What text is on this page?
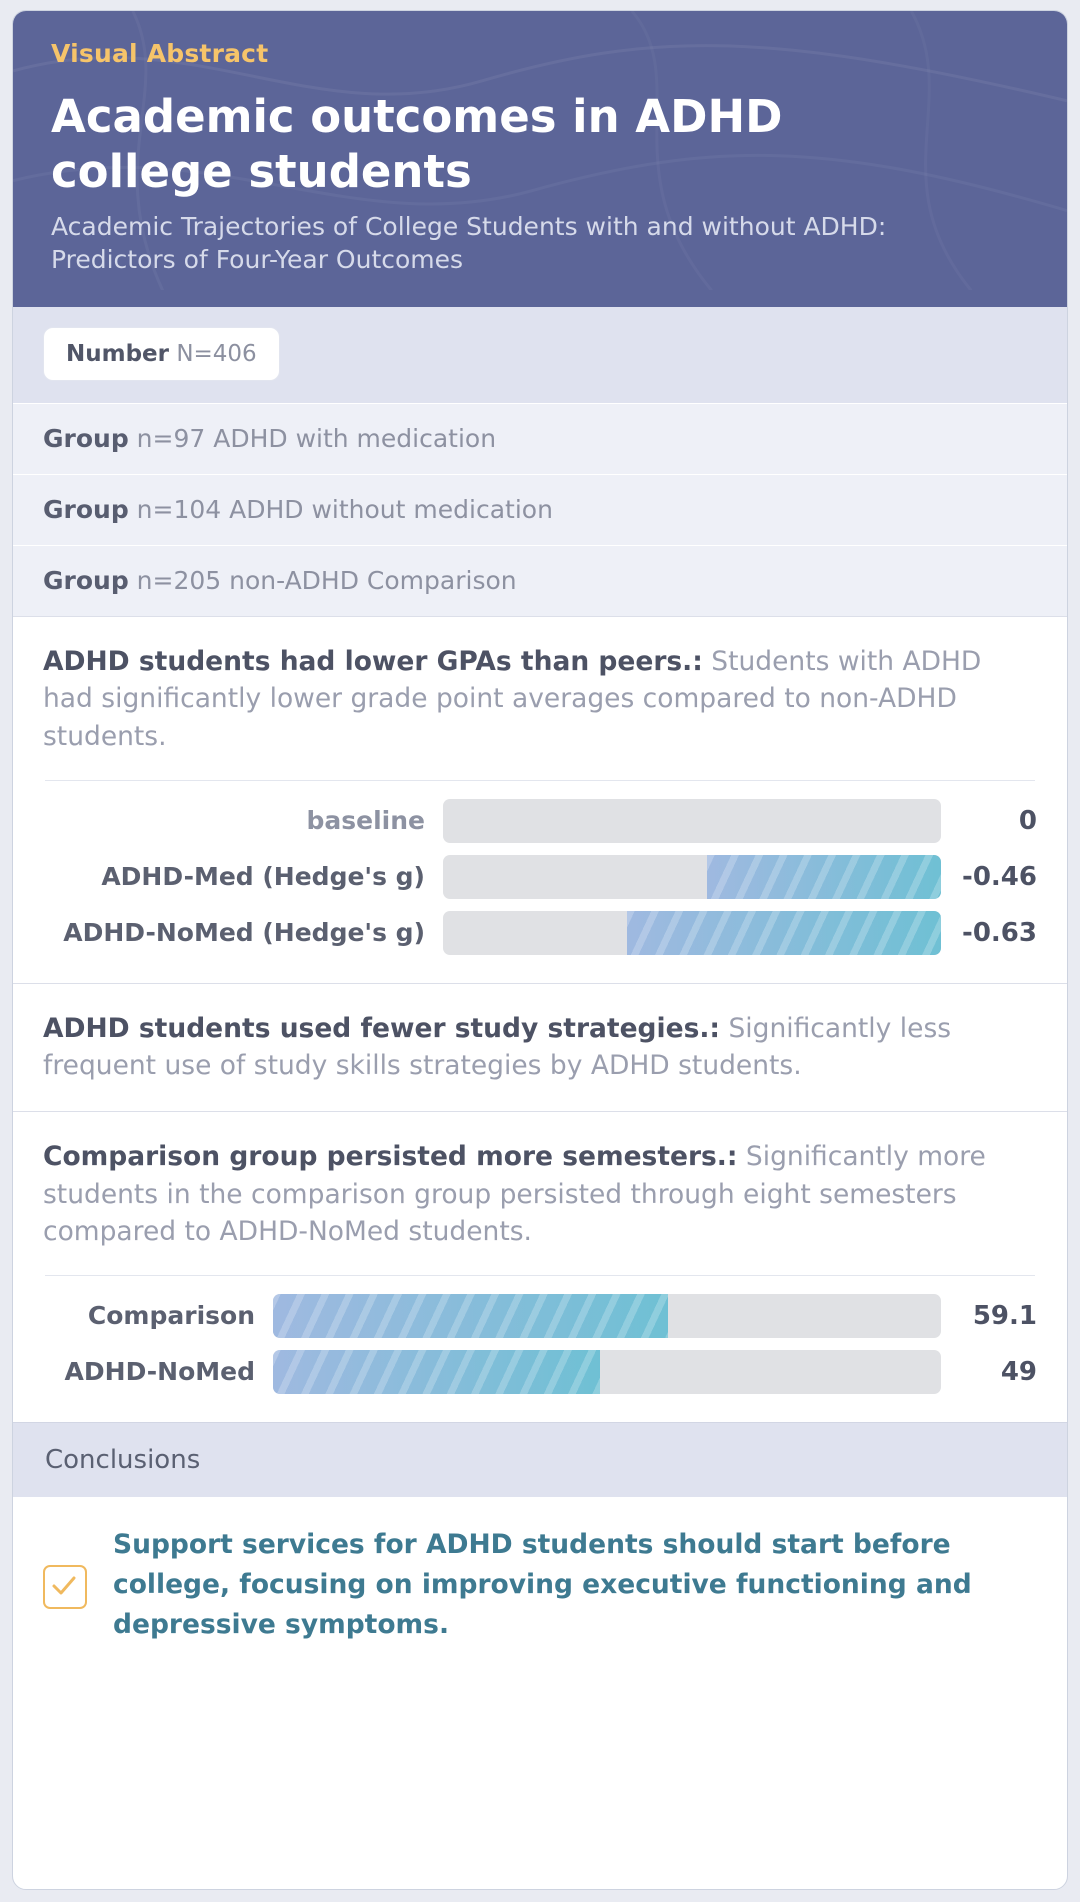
Visual Abstract
Academic outcomes in ADHD college students
Academic Trajectories of College Students with and without ADHD: Predictors of Four-Year Outcomes
Number N=406
Group n=97 ADHD with medication
Group n=104 ADHD without medication
Group n=205 non-ADHD Comparison
ADHD students had lower GPAs than peers.: Students with ADHD had significantly lower grade point averages compared to non-ADHD students.
baseline	0
ADHD-Med (Hedge's g)	-0.46
ADHD-NoMed (Hedge's g)	-0.63
ADHD students used fewer study strategies.: Significantly less frequent use of study skills strategies by ADHD students.
Comparison group persisted more semesters.: Significantly more students in the comparison group persisted through eight semesters compared to ADHD-NoMed students.
Comparison	59.1
ADHD-NoMed	49
Conclusions
Support services for ADHD students should start before college, focusing on improving executive functioning and depressive symptoms.
